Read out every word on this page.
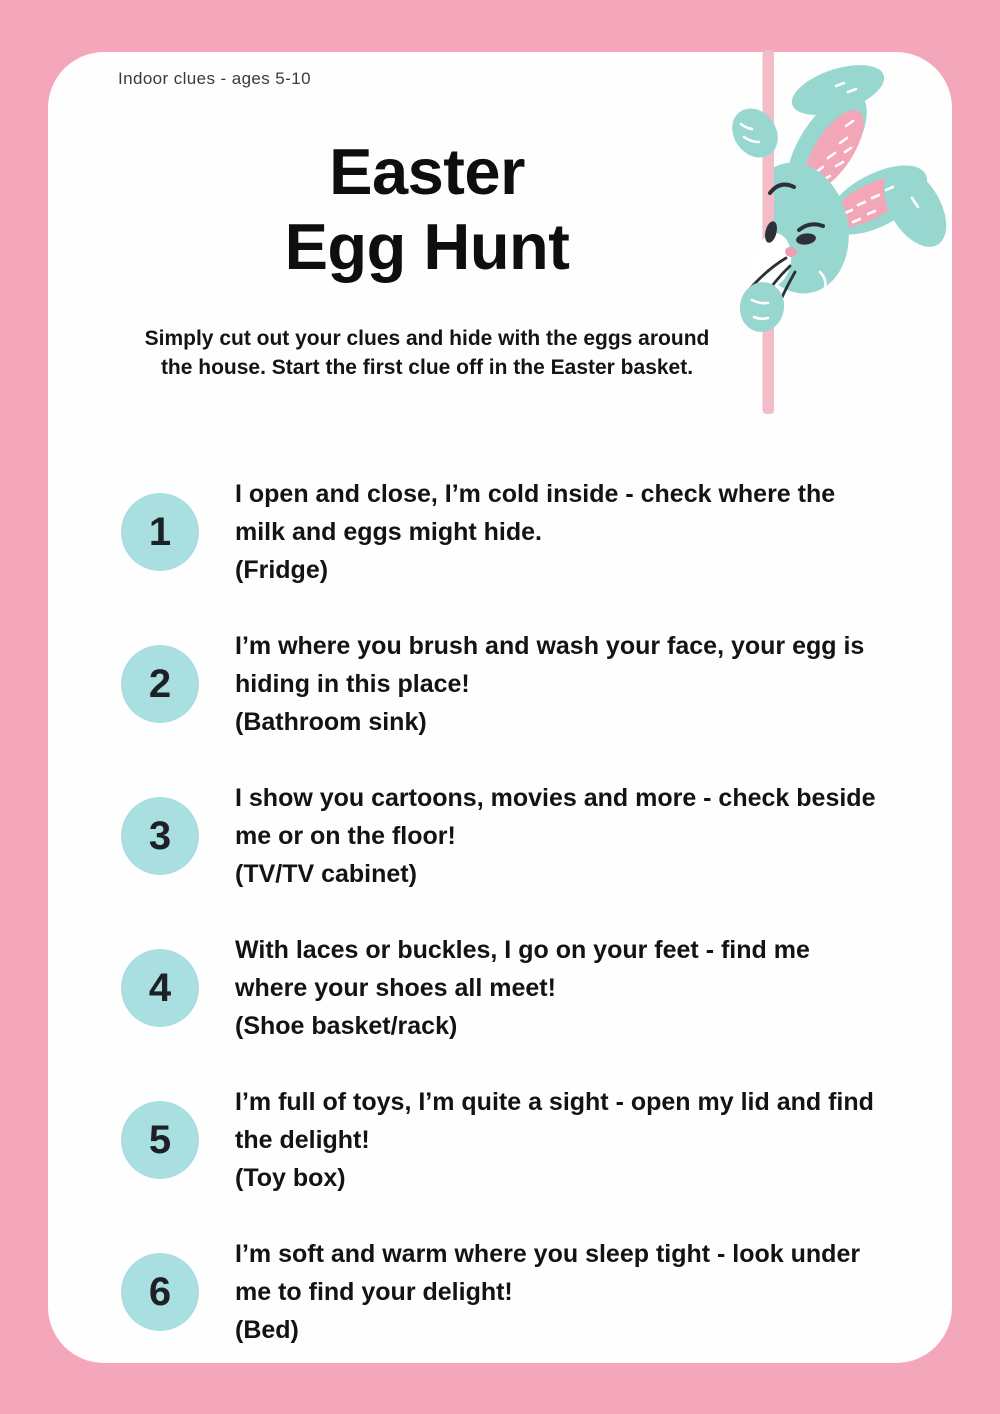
Indoor clues - ages 5-10
Easter
Egg Hunt
Simply cut out your clues and hide with the eggs around
the house. Start the first clue off in the Easter basket.
1
I open and close, I’m cold inside - check where the
milk and eggs might hide.
(Fridge)
2
I’m where you brush and wash your face, your egg is
hiding in this place!
(Bathroom sink)
3
I show you cartoons, movies and more - check beside
me or on the floor!
(TV/TV cabinet)
4
With laces or buckles, I go on your feet - find me
where your shoes all meet!
(Shoe basket/rack)
5
I’m full of toys, I’m quite a sight - open my lid and find
the delight!
(Toy box)
6
I’m soft and warm where you sleep tight - look under
me to find your delight!
(Bed)
